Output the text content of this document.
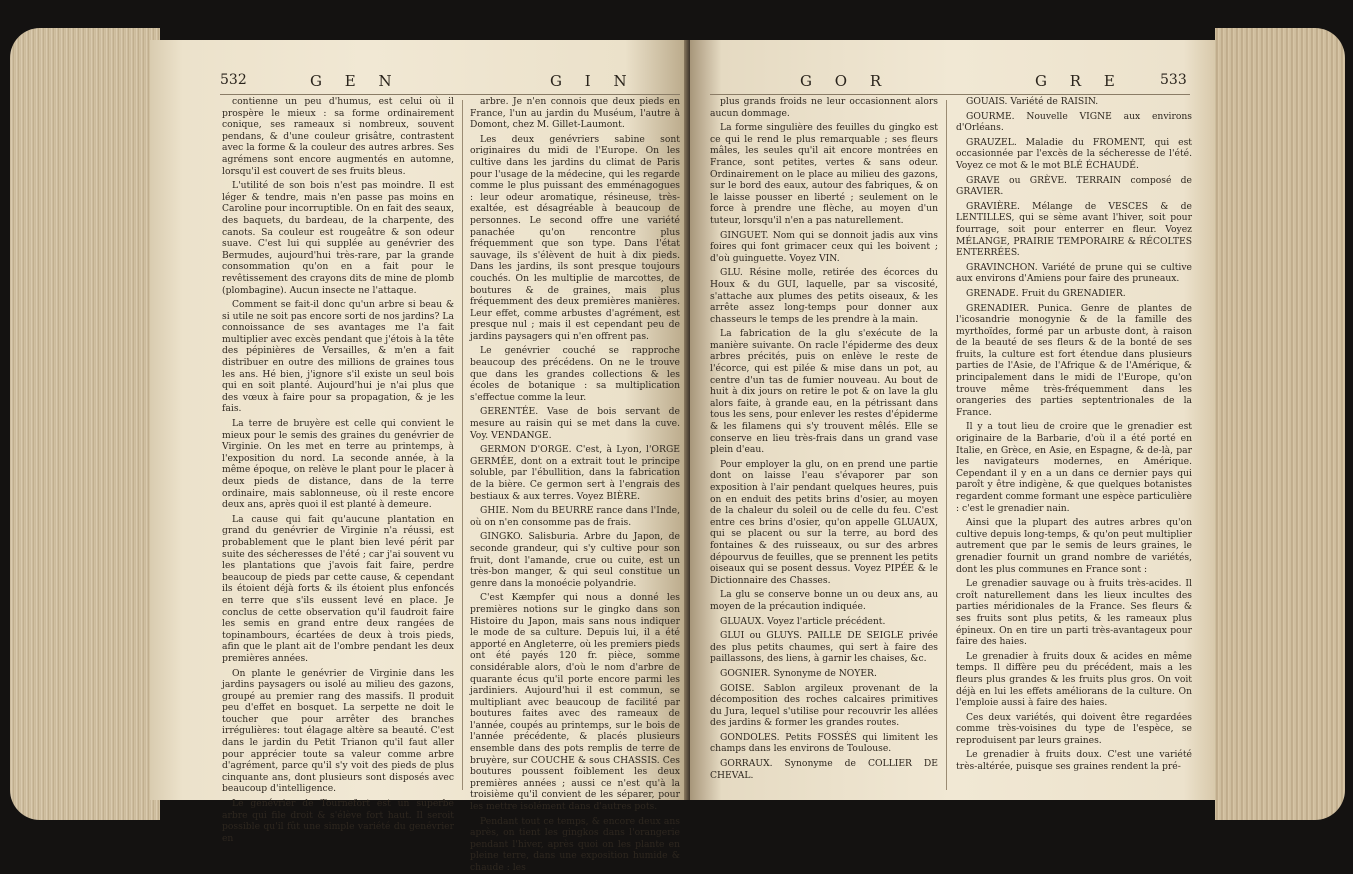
532	G E N	G I N

contienne un peu d'humus, est celui où il prospère le mieux : sa forme ordinairement conique, ses rameaux si nombreux, souvent pendans, & d'une couleur grisâtre, contrastent avec la forme & la couleur des autres arbres. Ses agrémens sont encore augmentés en automne, lorsqu'il est couvert de ses fruits bleus.

L'utilité de son bois n'est pas moindre. Il est léger & tendre, mais n'en passe pas moins en Caroline pour incorruptible. On en fait des seaux, des baquets, du bardeau, de la charpente, des canots. Sa couleur est rougeâtre & son odeur suave. C'est lui qui supplée au genévrier des Bermudes, aujourd'hui très-rare, par la grande consommation qu'on en a fait pour le revêtissement des crayons dits de mine de plomb (plombagine). Aucun insecte ne l'attaque.

Comment se fait-il donc qu'un arbre si beau & si utile ne soit pas encore sorti de nos jardins? La connoissance de ses avantages me l'a fait multiplier avec excès pendant que j'étois à la tête des pépinières de Versailles, & m'en a fait distribuer en outre des millions de graines tous les ans. Hé bien, j'ignore s'il existe un seul bois qui en soit planté. Aujourd'hui je n'ai plus que des vœux à faire pour sa propagation, & je les fais.

La terre de bruyère est celle qui convient le mieux pour le semis des graines du genévrier de Virginie. On les met en terre au printemps, à l'exposition du nord. La seconde année, à la même époque, on relève le plant pour le placer à deux pieds de distance, dans de la terre ordinaire, mais sablonneuse, où il reste encore deux ans, après quoi il est planté à demeure.

La cause qui fait qu'aucune plantation en grand du genévrier de Virginie n'a réussi, est probablement que le plant bien levé périt par suite des sécheresses de l'été ; car j'ai souvent vu les plantations que j'avois fait faire, perdre beaucoup de pieds par cette cause, & cependant ils étoient déjà forts & ils étoient plus enfoncés en terre que s'ils eussent levé en place. Je conclus de cette observation qu'il faudroit faire les semis en grand entre deux rangées de topinambours, écartées de deux à trois pieds, afin que le plant ait de l'ombre pendant les deux premières années.

On plante le genévrier de Virginie dans les jardins paysagers ou isolé au milieu des gazons, groupé au premier rang des massifs. Il produit peu d'effet en bosquet. La serpette ne doit le toucher que pour arrêter des branches irrégulières: tout élagage altère sa beauté. C'est dans le jardin du Petit Trianon qu'il faut aller pour apprécier toute sa valeur comme arbre d'agrément, parce qu'il s'y voit des pieds de plus cinquante ans, dont plusieurs sont disposés avec beaucoup d'intelligence.

Le genévrier de Tournefort est un superbe arbre qui file droit & s'élève fort haut. Il seroit possible qu'il fût une simple variété du genévrier en

arbre. Je n'en connois que deux pieds en France, l'un au jardin du Muséum, l'autre à Domont, chez M. Gillet-Laumont.

Les deux genévriers sabine sont originaires du midi de l'Europe. On les cultive dans les jardins du climat de Paris pour l'usage de la médecine, qui les regarde comme le plus puissant des emménagogues : leur odeur aromatique, résineuse, très-exaltée, est désagréable à beaucoup de personnes. Le second offre une variété panachée qu'on rencontre plus fréquemment que son type. Dans l'état sauvage, ils s'élèvent de huit à dix pieds. Dans les jardins, ils sont presque toujours couchés. On les multiplie de marcottes, de boutures & de graines, mais plus fréquemment des deux premières manières. Leur effet, comme arbustes d'agrément, est presque nul ; mais il est cependant peu de jardins paysagers qui n'en offrent pas.

Le genévrier couché se rapproche beaucoup des précédens. On ne le trouve que dans les grandes collections & les écoles de botanique : sa multiplication s'effectue comme la leur.

GERENTÉE. Vase de bois servant de mesure au raisin qui se met dans la cuve. Voy. VENDANGE.

GERMON D'ORGE. C'est, à Lyon, l'ORGE GERMÉE, dont on a extrait tout le principe soluble, par l'ébullition, dans la fabrication de la bière. Ce germon sert à l'engrais des bestiaux & aux terres. Voyez BIÈRE.

GHIE. Nom du BEURRE rance dans l'Inde, où on n'en consomme pas de frais.

GINGKO. Salisburia. Arbre du Japon, de seconde grandeur, qui s'y cultive pour son fruit, dont l'amande, crue ou cuite, est un très-bon manger, & qui seul constitue un genre dans la monoécie polyandrie.

C'est Kæmpfer qui nous a donné les premières notions sur le gingko dans son Histoire du Japon, mais sans nous indiquer le mode de sa culture. Depuis lui, il a été apporté en Angleterre, où les premiers pieds ont été payés 120 fr. pièce, somme considérable alors, d'où le nom d'arbre de quarante écus qu'il porte encore parmi les jardiniers. Aujourd'hui il est commun, se multipliant avec beaucoup de facilité par boutures faites avec des rameaux de l'année, coupés au printemps, sur le bois de l'année précédente, & placés plusieurs ensemble dans des pots remplis de terre de bruyère, sur COUCHE & sous CHASSIS. Ces boutures poussent foiblement les deux premières années ; aussi ce n'est qu'à la troisième qu'il convient de les séparer, pour les mettre isolément dans d'autres pots.

Pendant tout ce temps, & encore deux ans après, on tient les gingkos dans l'orangerie pendant l'hiver, après quoi on les plante en pleine terre, dans une exposition humide & chaude : les

G O R	G R E	533

plus grands froids ne leur occasionnent alors aucun dommage.

La forme singulière des feuilles du gingko est ce qui le rend le plus remarquable ; ses fleurs mâles, les seules qu'il ait encore montrées en France, sont petites, vertes & sans odeur. Ordinairement on le place au milieu des gazons, sur le bord des eaux, autour des fabriques, & on le laisse pousser en liberté ; seulement on le force à prendre une flèche, au moyen d'un tuteur, lorsqu'il n'en a pas naturellement.

GINGUET. Nom qui se donnoit jadis aux vins foires qui font grimacer ceux qui les boivent ; d'où guinguette. Voyez VIN.

GLU. Résine molle, retirée des écorces du Houx & du GUI, laquelle, par sa viscosité, s'attache aux plumes des petits oiseaux, & les arrête assez long-temps pour donner aux chasseurs le temps de les prendre à la main.

La fabrication de la glu s'exécute de la manière suivante. On racle l'épiderme des deux arbres précités, puis on enlève le reste de l'écorce, qui est pilée & mise dans un pot, au centre d'un tas de fumier nouveau. Au bout de huit à dix jours on retire le pot & on lave la glu alors faite, à grande eau, en la pétrissant dans tous les sens, pour enlever les restes d'épiderme & les filamens qui s'y trouvent mêlés. Elle se conserve en lieu très-frais dans un grand vase plein d'eau.

Pour employer la glu, on en prend une partie dont on laisse l'eau s'évaporer par son exposition à l'air pendant quelques heures, puis on en enduit des petits brins d'osier, au moyen de la chaleur du soleil ou de celle du feu. C'est entre ces brins d'osier, qu'on appelle GLUAUX, qui se placent ou sur la terre, au bord des fontaines & des ruisseaux, ou sur des arbres dépourvus de feuilles, que se prennent les petits oiseaux qui se posent dessus. Voyez PIPÉE & le Dictionnaire des Chasses.

La glu se conserve bonne un ou deux ans, au moyen de la précaution indiquée.

GLUAUX. Voyez l'article précédent.

GLUI ou GLUYS. PAILLE DE SEIGLE privée des plus petits chaumes, qui sert à faire des paillassons, des liens, à garnir les chaises, &c.

GOGNIER. Synonyme de NOYER.

GOISE. Sablon argileux provenant de la décomposition des roches calcaires primitives du Jura, lequel s'utilise pour recouvrir les allées des jardins & former les grandes routes.

GONDOLES. Petits FOSSÉS qui limitent les champs dans les environs de Toulouse.

GORRAUX. Synonyme de COLLIER DE CHEVAL.

GOUAIS. Variété de RAISIN.

GOURME. Nouvelle VIGNE aux environs d'Orléans.

GRAUZEL. Maladie du FROMENT, qui est occasionnée par l'excès de la sécheresse de l'été. Voyez ce mot & le mot BLÉ ÉCHAUDÉ.

GRAVE ou GRÈVE. TERRAIN composé de GRAVIER.

GRAVIÈRE. Mélange de VESCES & de LENTILLES, qui se sème avant l'hiver, soit pour fourrage, soit pour enterrer en fleur. Voyez MÉLANGE, PRAIRIE TEMPORAIRE & RÉCOLTES ENTERRÉES.

GRAVINCHON. Variété de prune qui se cultive aux environs d'Amiens pour faire des pruneaux.

GRENADE. Fruit du GRENADIER.

GRENADIER. Punica. Genre de plantes de l'icosandrie monogynie & de la famille des myrthoïdes, formé par un arbuste dont, à raison de la beauté de ses fleurs & de la bonté de ses fruits, la culture est fort étendue dans plusieurs parties de l'Asie, de l'Afrique & de l'Amérique, & principalement dans le midi de l'Europe, qu'on trouve même très-fréquemment dans les orangeries des parties septentrionales de la France.

Il y a tout lieu de croire que le grenadier est originaire de la Barbarie, d'où il a été porté en Italie, en Grèce, en Asie, en Espagne, & de-là, par les navigateurs modernes, en Amérique. Cependant il y en a un dans ce dernier pays qui paroît y être indigène, & que quelques botanistes regardent comme formant une espèce particulière : c'est le grenadier nain.

Ainsi que la plupart des autres arbres qu'on cultive depuis long-temps, & qu'on peut multiplier autrement que par le semis de leurs graines, le grenadier fournit un grand nombre de variétés, dont les plus communes en France sont :

Le grenadier sauvage ou à fruits très-acides. Il croît naturellement dans les lieux incultes des parties méridionales de la France. Ses fleurs & ses fruits sont plus petits, & les rameaux plus épineux. On en tire un parti très-avantageux pour faire des haies.

Le grenadier à fruits doux & acides en même temps. Il diffère peu du précédent, mais a les fleurs plus grandes & les fruits plus gros. On voit déjà en lui les effets améliorans de la culture. On l'emploie aussi à faire des haies.

Ces deux variétés, qui doivent être regardées comme très-voisines du type de l'espèce, se reproduisent par leurs graines.

Le grenadier à fruits doux. C'est une variété très-altérée, puisque ses graines rendent la pré-
